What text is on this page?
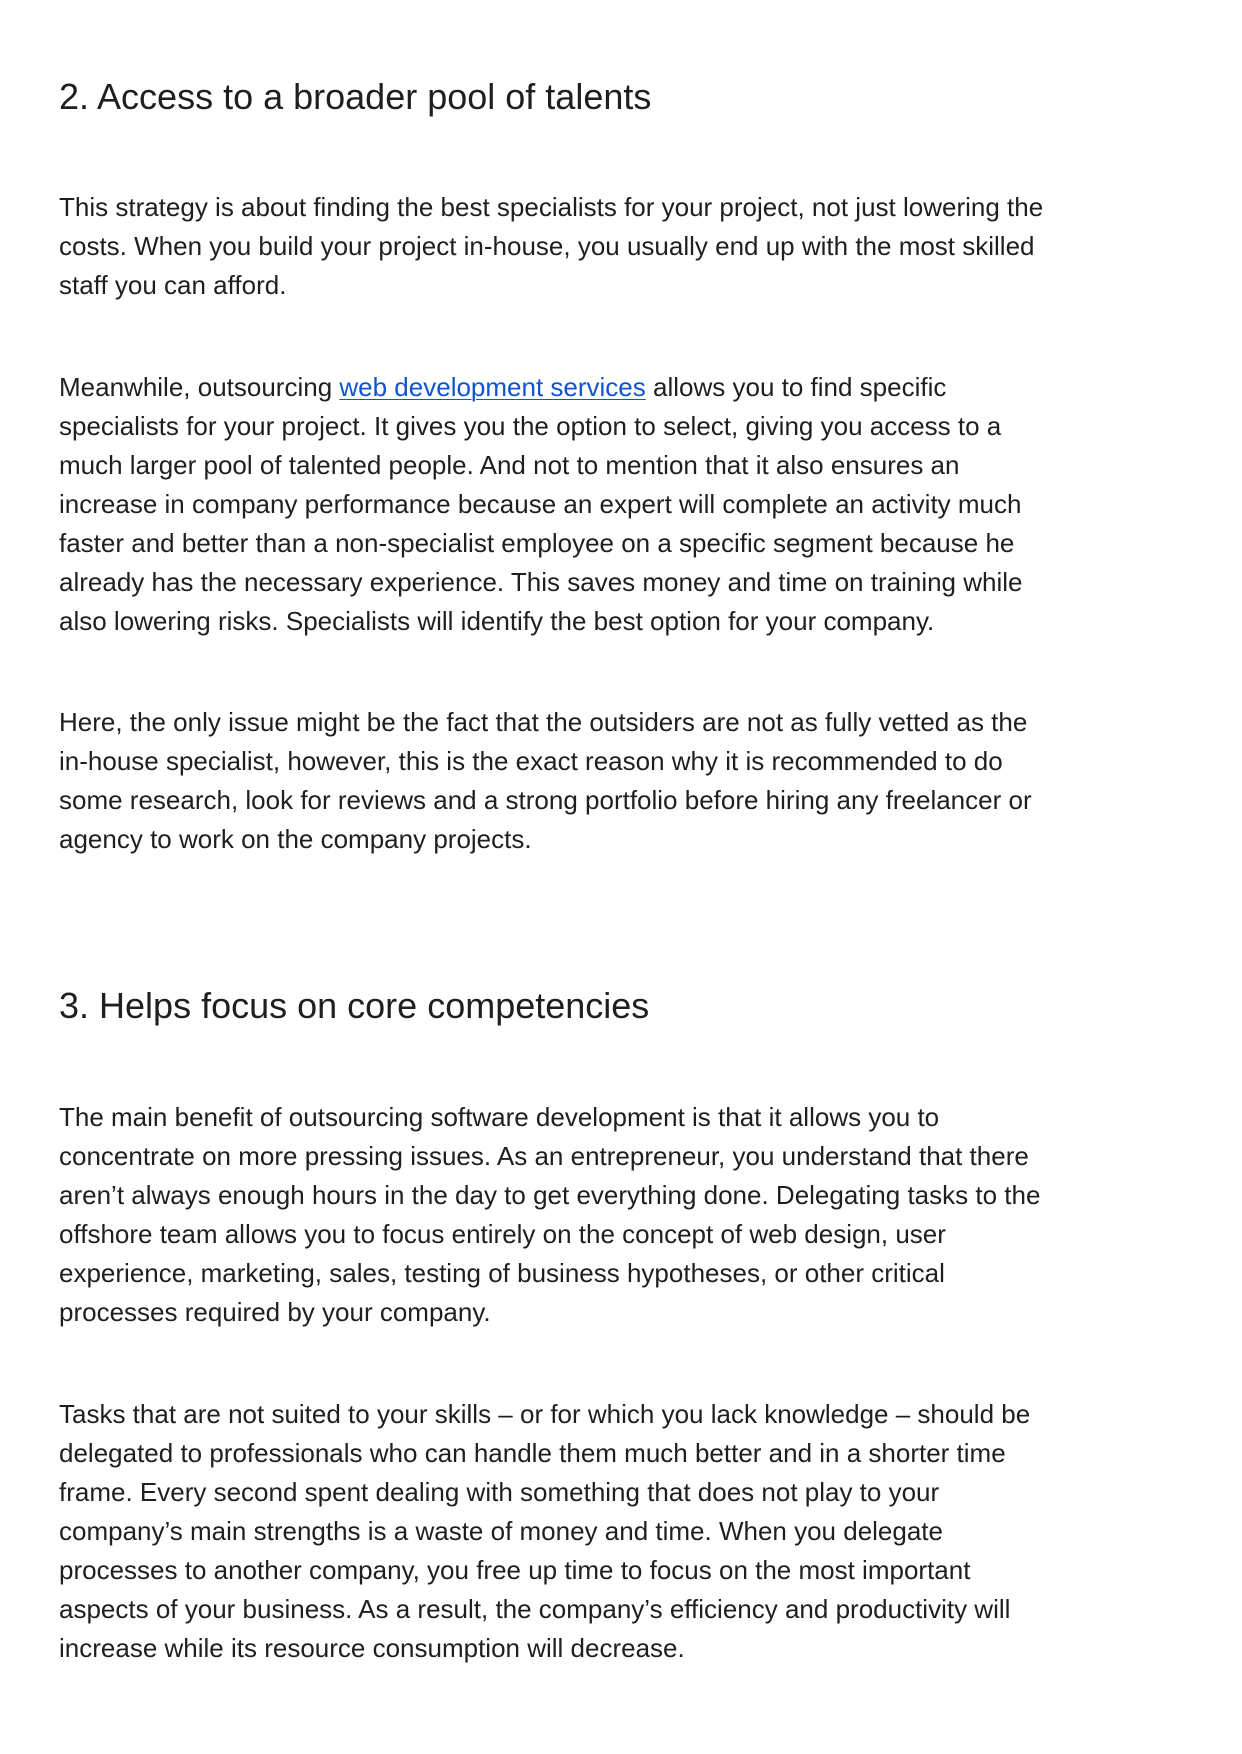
2. Access to a broader pool of talents

This strategy is about finding the best specialists for your project, not just lowering the
costs. When you build your project in-house, you usually end up with the most skilled
staff you can afford.

Meanwhile, outsourcing web development services allows you to find specific
specialists for your project. It gives you the option to select, giving you access to a
much larger pool of talented people. And not to mention that it also ensures an
increase in company performance because an expert will complete an activity much
faster and better than a non-specialist employee on a specific segment because he
already has the necessary experience. This saves money and time on training while
also lowering risks. Specialists will identify the best option for your company.

Here, the only issue might be the fact that the outsiders are not as fully vetted as the
in-house specialist, however, this is the exact reason why it is recommended to do
some research, look for reviews and a strong portfolio before hiring any freelancer or
agency to work on the company projects.

3. Helps focus on core competencies

The main benefit of outsourcing software development is that it allows you to
concentrate on more pressing issues. As an entrepreneur, you understand that there
aren’t always enough hours in the day to get everything done. Delegating tasks to the
offshore team allows you to focus entirely on the concept of web design, user
experience, marketing, sales, testing of business hypotheses, or other critical
processes required by your company.

Tasks that are not suited to your skills – or for which you lack knowledge – should be
delegated to professionals who can handle them much better and in a shorter time
frame. Every second spent dealing with something that does not play to your
company’s main strengths is a waste of money and time. When you delegate
processes to another company, you free up time to focus on the most important
aspects of your business. As a result, the company’s efficiency and productivity will
increase while its resource consumption will decrease.
